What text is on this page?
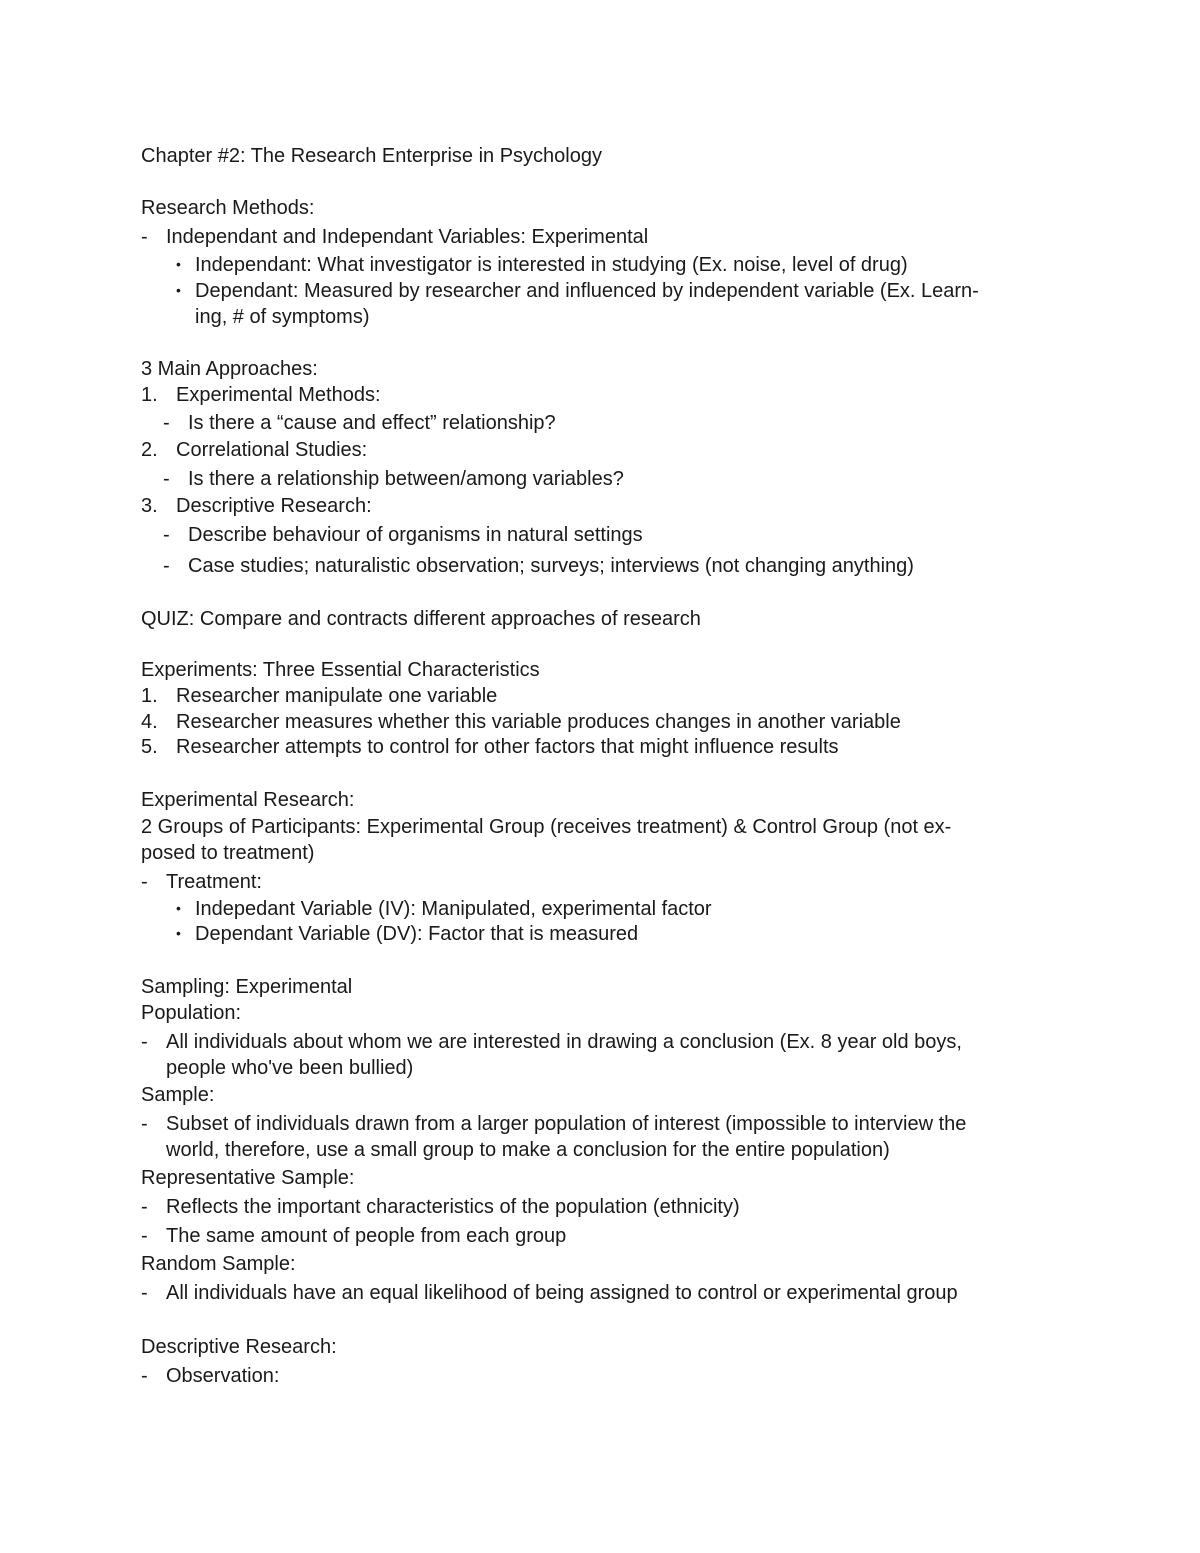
Chapter #2: The Research Enterprise in Psychology
Research Methods:
- Independant and Independant Variables: Experimental
• Independant: What investigator is interested in studying (Ex. noise, level of drug)
• Dependant: Measured by researcher and influenced by independent variable (Ex. Learn-
ing, # of symptoms)
3 Main Approaches:
1. Experimental Methods:
- Is there a “cause and effect” relationship?
2. Correlational Studies:
- Is there a relationship between/among variables?
3. Descriptive Research:
- Describe behaviour of organisms in natural settings
- Case studies; naturalistic observation; surveys; interviews (not changing anything)
QUIZ: Compare and contracts different approaches of research
Experiments: Three Essential Characteristics
1. Researcher manipulate one variable
4. Researcher measures whether this variable produces changes in another variable
5. Researcher attempts to control for other factors that might influence results
Experimental Research:
2 Groups of Participants: Experimental Group (receives treatment) & Control Group (not ex-
posed to treatment)
- Treatment:
• Indepedant Variable (IV): Manipulated, experimental factor
• Dependant Variable (DV): Factor that is measured
Sampling: Experimental
Population:
- All individuals about whom we are interested in drawing a conclusion (Ex. 8 year old boys,
people who've been bullied)
Sample:
- Subset of individuals drawn from a larger population of interest (impossible to interview the
world, therefore, use a small group to make a conclusion for the entire population)
Representative Sample:
- Reflects the important characteristics of the population (ethnicity)
- The same amount of people from each group
Random Sample:
- All individuals have an equal likelihood of being assigned to control or experimental group
Descriptive Research:
- Observation:
